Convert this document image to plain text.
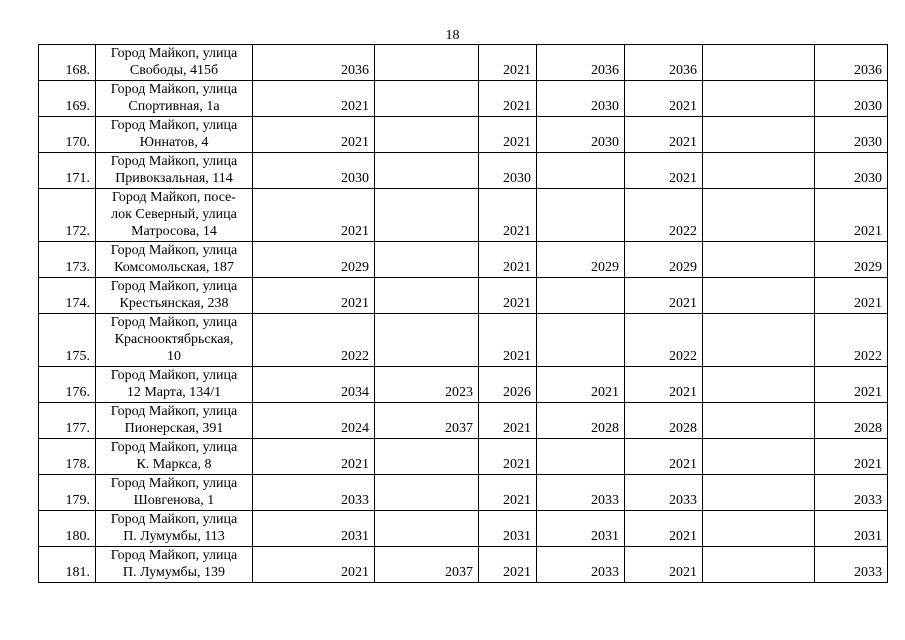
18
168.	Город Майкоп, улица
Свободы, 415б	2036		2021	2036	2036		2036
169.	Город Майкоп, улица
Спортивная, 1а	2021		2021	2030	2021		2030
170.	Город Майкоп, улица
Юннатов, 4	2021		2021	2030	2021		2030
171.	Город Майкоп, улица
Привокзальная, 114	2030		2030		2021		2030
172.	Город Майкоп, посе-
лок Северный, улица
Матросова, 14	2021		2021		2022		2021
173.	Город Майкоп, улица
Комсомольская, 187	2029		2021	2029	2029		2029
174.	Город Майкоп, улица
Крестьянская, 238	2021		2021		2021		2021
175.	Город Майкоп, улица
Краснооктябрьская,
10	2022		2021		2022		2022
176.	Город Майкоп, улица
12 Марта, 134/1	2034	2023	2026	2021	2021		2021
177.	Город Майкоп, улица
Пионерская, 391	2024	2037	2021	2028	2028		2028
178.	Город Майкоп, улица
К. Маркса, 8	2021		2021		2021		2021
179.	Город Майкоп, улица
Шовгенова, 1	2033		2021	2033	2033		2033
180.	Город Майкоп, улица
П. Лумумбы, 113	2031		2031	2031	2021		2031
181.	Город Майкоп, улица
П. Лумумбы, 139	2021	2037	2021	2033	2021		2033
